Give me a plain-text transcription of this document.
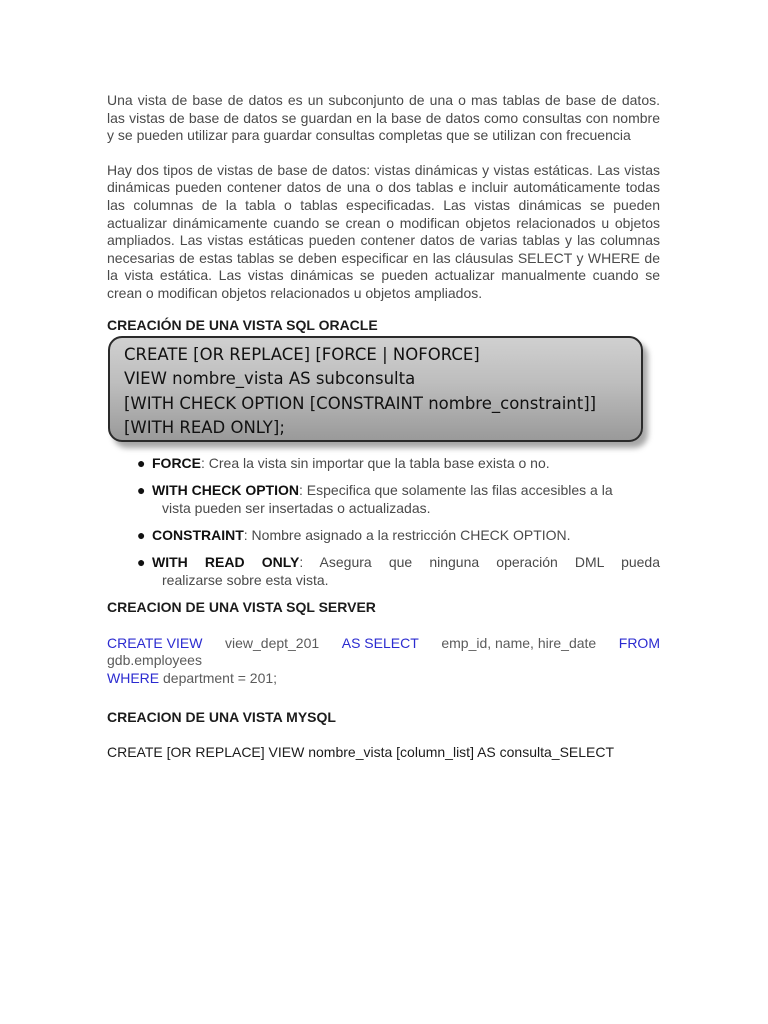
Una vista de base de datos es un subconjunto de una o mas tablas de base de datos. las vistas de base de datos se guardan en la base de datos como consultas con nombre y se pueden utilizar para guardar consultas completas que se utilizan con frecuencia

Hay dos tipos de vistas de base de datos: vistas dinámicas y vistas estáticas. Las vistas dinámicas pueden contener datos de una o dos tablas e incluir automáticamente todas las columnas de la tabla o tablas especificadas. Las vistas dinámicas se pueden actualizar dinámicamente cuando se crean o modifican objetos relacionados u objetos ampliados. Las vistas estáticas pueden contener datos de varias tablas y las columnas necesarias de estas tablas se deben especificar en las cláusulas SELECT y WHERE de la vista estática. Las vistas dinámicas se pueden actualizar manualmente cuando se crean o modifican objetos relacionados u objetos ampliados.

CREACIÓN DE UNA VISTA SQL ORACLE
CREATE [OR REPLACE] [FORCE | NOFORCE]
VIEW nombre_vista AS subconsulta
[WITH CHECK OPTION [CONSTRAINT nombre_constraint]]
[WITH READ ONLY];
● FORCE: Crea la vista sin importar que la tabla base exista o no.
● WITH CHECK OPTION: Especifica que solamente las filas accesibles a la
vista pueden ser insertadas o actualizadas.
● CONSTRAINT: Nombre asignado a la restricción CHECK OPTION.
● WITH READ ONLY: Asegura que ninguna operación DML pueda
realizarse sobre esta vista.
CREACION DE UNA VISTA SQL SERVER
CREATE VIEW view_dept_201 AS SELECT emp_id, name, hire_date FROM
gdb.employees
WHERE department = 201;
CREACION DE UNA VISTA MYSQL
CREATE [OR REPLACE] VIEW nombre_vista [column_list] AS consulta_SELECT
